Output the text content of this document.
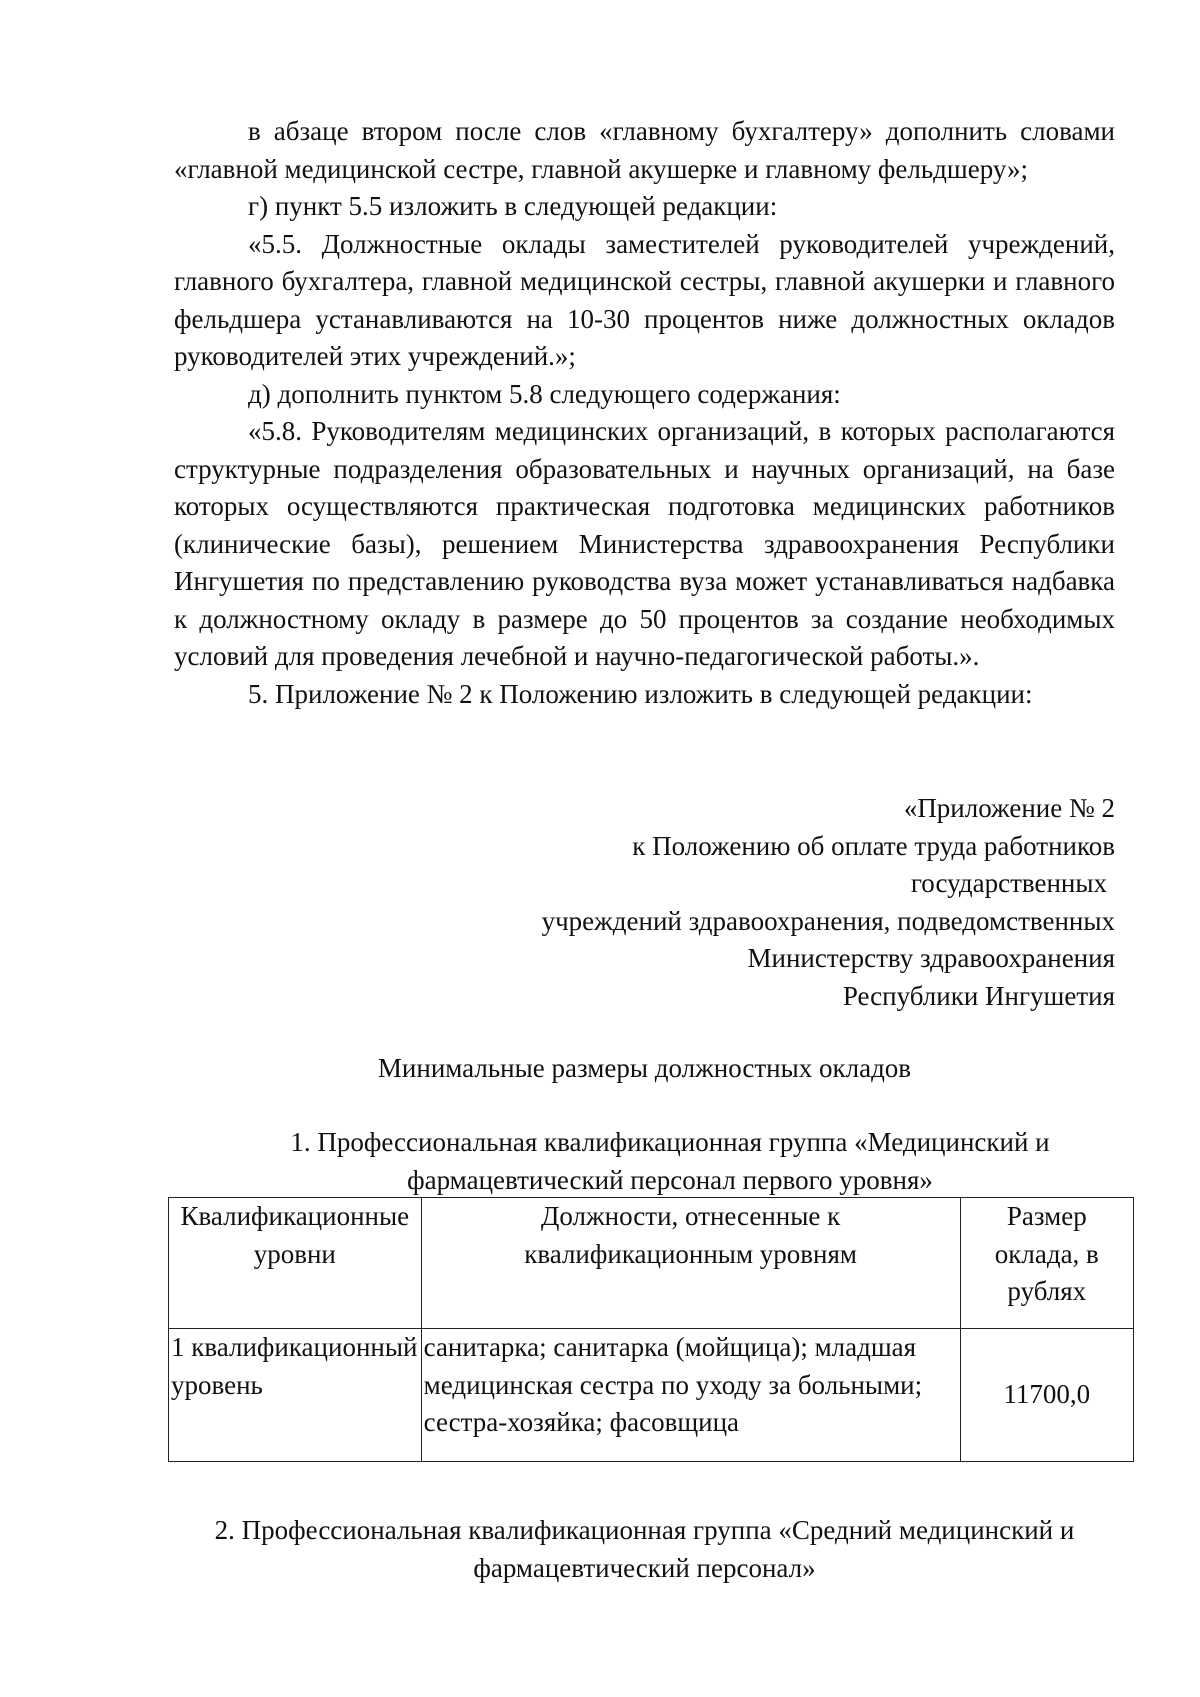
в абзаце втором после слов «главному бухгалтеру» дополнить словами «главной медицинской сестре, главной акушерке и главному фельдшеру»;

г) пункт 5.5 изложить в следующей редакции:

«5.5. Должностные оклады заместителей руководителей учреждений, главного бухгалтера, главной медицинской сестры, главной акушерки и главного фельдшера устанавливаются на 10-30 процентов ниже должностных окладов руководителей этих учреждений.»;

д) дополнить пунктом 5.8 следующего содержания:

«5.8. Руководителям медицинских организаций, в которых располагаются структурные подразделения образовательных и научных организаций, на базе которых осуществляются практическая подготовка медицинских работников (клинические базы), решением Министерства здравоохранения Республики Ингушетия по представлению руководства вуза может устанавливаться надбавка к должностному окладу в размере до 50 процентов за создание необходимых условий для проведения лечебной и научно-педагогической работы.».

5. Приложение № 2 к Положению изложить в следующей редакции:

«Приложение № 2
к Положению об оплате труда работников
государственных
учреждений здравоохранения, подведомственных
Министерству здравоохранения
Республики Ингушетия
Минимальные размеры должностных окладов
1. Профессиональная квалификационная группа «Медицинский и
фармацевтический персонал первого уровня»
Квалификационные уровни	Должности, отнесенные к квалификационным уровням	Размер оклада, в рублях
1 квалификационный уровень	санитарка; санитарка (мойщица); младшая медицинская сестра по уходу за больными; сестра-хозяйка; фасовщица	11700,0
2. Профессиональная квалификационная группа «Средний медицинский и
фармацевтический персонал»
